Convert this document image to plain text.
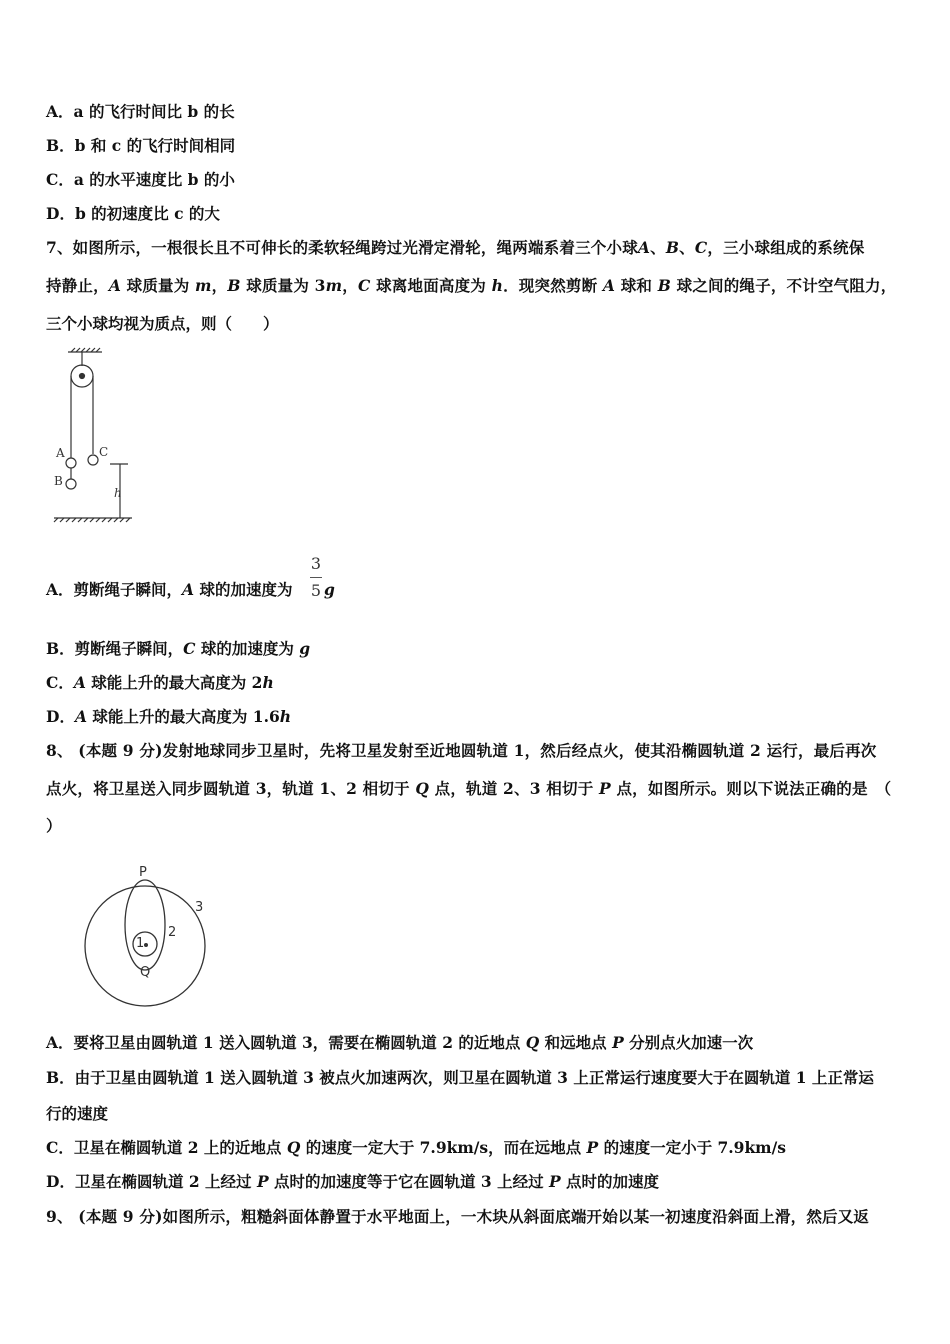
A．a 的飞行时间比 b 的长
B．b 和 c 的飞行时间相同
C．a 的水平速度比 b 的小
D．b 的初速度比 c 的大
7、如图所示，一根很长且不可伸长的柔软轻绳跨过光滑定滑轮，绳两端系着三个小球A、B、C，三小球组成的系统保
持静止，A 球质量为 m，B 球质量为 3m，C 球离地面高度为 h．现突然剪断 A 球和 B 球之间的绳子，不计空气阻力，
三个小球均视为质点，则（　　）
A
B
C
h
A．剪断绳子瞬间，A 球的加速度为
3
5 g
B．剪断绳子瞬间，C 球的加速度为 g
C．A 球能上升的最大高度为 2h
D．A 球能上升的最大高度为 1.6h
8、 (本题 9 分)发射地球同步卫星时，先将卫星发射至近地圆轨道 1，然后经点火，使其沿椭圆轨道 2 运行，最后再次
点火，将卫星送入同步圆轨道 3，轨道 1、2 相切于 Q 点，轨道 2、3 相切于 P 点，如图所示。则以下说法正确的是　（
）
P
Q
1
2
3
A．要将卫星由圆轨道 1 送入圆轨道 3，需要在椭圆轨道 2 的近地点 Q 和远地点 P 分别点火加速一次
B．由于卫星由圆轨道 1 送入圆轨道 3 被点火加速两次，则卫星在圆轨道 3 上正常运行速度要大于在圆轨道 1 上正常运
行的速度
C．卫星在椭圆轨道 2 上的近地点 Q 的速度一定大于 7.9km/s，而在远地点 P 的速度一定小于 7.9km/s
D．卫星在椭圆轨道 2 上经过 P 点时的加速度等于它在圆轨道 3 上经过 P 点时的加速度
9、 (本题 9 分)如图所示，粗糙斜面体静置于水平地面上，一木块从斜面底端开始以某一初速度沿斜面上滑，然后又返
